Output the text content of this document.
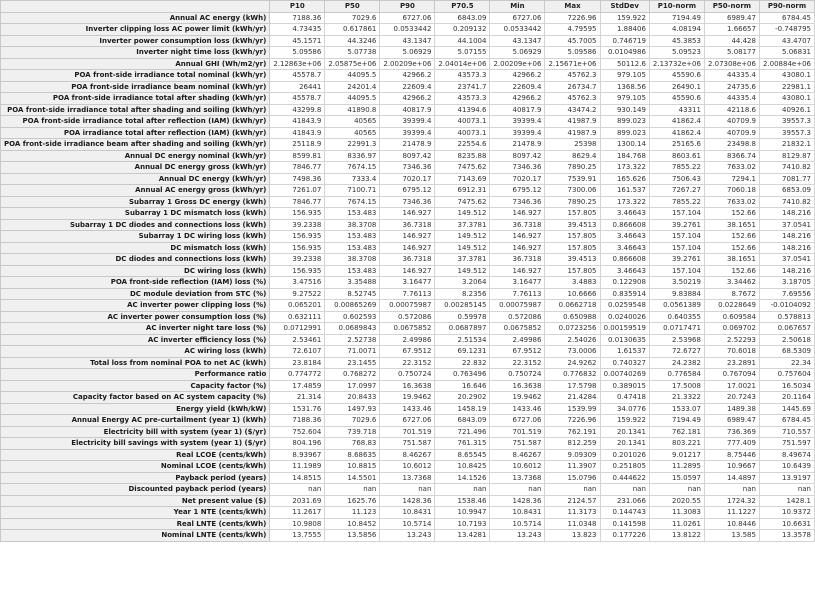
	P10	P50	P90	P70.5	Min	Max	StdDev	P10-norm	P50-norm	P90-norm
Annual AC energy (kWh)	7188.36	7029.6	6727.06	6843.09	6727.06	7226.96	159.922	7194.49	6989.47	6784.45
Inverter clipping loss AC power limit (kWh/yr)	4.73435	0.617861	0.0533442	0.209132	0.0533442	4.79595	1.88406	4.08194	1.66657	-0.748795
Inverter power consumption loss (kWh/yr)	45.1571	44.3246	43.1347	44.1004	43.1347	45.7005	0.746719	45.3853	44.428	43.4707
Inverter night time loss (kWh/yr)	5.09586	5.07738	5.06929	5.07155	5.06929	5.09586	0.0104986	5.09523	5.08177	5.06831
Annual GHI (Wh/m2/yr)	2.12863e+06	2.05875e+06	2.00209e+06	2.04014e+06	2.00209e+06	2.15671e+06	50112.6	2.13732e+06	2.07308e+06	2.00884e+06
POA front-side irradiance total nominal (kWh/yr)	45578.7	44095.5	42966.2	43573.3	42966.2	45762.3	979.105	45590.6	44335.4	43080.1
POA front-side irradiance beam nominal (kWh/yr)	26441	24201.4	22609.4	23741.7	22609.4	26734.7	1368.56	26490.1	24735.6	22981.1
POA front-side irradiance total after shading (kWh/yr)	45578.7	44095.5	42966.2	43573.3	42966.2	45762.3	979.105	45590.6	44335.4	43080.1
POA front-side irradiance total after shading and soiling (kWh/yr)	43299.8	41890.8	40817.9	41394.6	40817.9	43474.2	930.149	43311	42118.6	40926.1
POA front-side irradiance total after reflection (IAM) (kWh/yr)	41843.9	40565	39399.4	40073.1	39399.4	41987.9	899.023	41862.4	40709.9	39557.3
POA irradiance total after reflection (IAM) (kWh/yr)	41843.9	40565	39399.4	40073.1	39399.4	41987.9	899.023	41862.4	40709.9	39557.3
POA front-side irradiance beam after shading and soiling (kWh/yr)	25118.9	22991.3	21478.9	22554.6	21478.9	25398	1300.14	25165.6	23498.8	21832.1
Annual DC energy nominal (kWh/yr)	8599.81	8336.97	8097.42	8235.88	8097.42	8629.4	184.768	8603.61	8366.74	8129.87
Annual DC energy gross (kWh/yr)	7846.77	7674.15	7346.36	7475.62	7346.36	7890.25	173.322	7855.22	7633.02	7410.82
Annual DC energy (kWh/yr)	7498.36	7333.4	7020.17	7143.69	7020.17	7539.91	165.626	7506.43	7294.1	7081.77
Annual AC energy gross (kWh/yr)	7261.07	7100.71	6795.12	6912.31	6795.12	7300.06	161.537	7267.27	7060.18	6853.09
Subarray 1 Gross DC energy (kWh)	7846.77	7674.15	7346.36	7475.62	7346.36	7890.25	173.322	7855.22	7633.02	7410.82
Subarray 1 DC mismatch loss (kWh)	156.935	153.483	146.927	149.512	146.927	157.805	3.46643	157.104	152.66	148.216
Subarray 1 DC diodes and connections loss (kWh)	39.2338	38.3708	36.7318	37.3781	36.7318	39.4513	0.866608	39.2761	38.1651	37.0541
Subarray 1 DC wiring loss (kWh)	156.935	153.483	146.927	149.512	146.927	157.805	3.46643	157.104	152.66	148.216
DC mismatch loss (kWh)	156.935	153.483	146.927	149.512	146.927	157.805	3.46643	157.104	152.66	148.216
DC diodes and connections loss (kWh)	39.2338	38.3708	36.7318	37.3781	36.7318	39.4513	0.866608	39.2761	38.1651	37.0541
DC wiring loss (kWh)	156.935	153.483	146.927	149.512	146.927	157.805	3.46643	157.104	152.66	148.216
POA front-side reflection (IAM) loss (%)	3.47516	3.35488	3.16477	3.2064	3.16477	3.4883	0.122908	3.50219	3.34462	3.18705
DC module deviation from STC (%)	9.27522	8.52745	7.76113	8.2356	7.76113	10.6666	0.835914	9.83884	8.7672	7.69556
AC inverter power clipping loss (%)	0.065201	0.00865269	0.00075987	0.00285145	0.00075987	0.0662718	0.0259548	0.0561389	0.0228649	-0.0104092
AC inverter power consumption loss (%)	0.632111	0.602593	0.572086	0.59978	0.572086	0.650988	0.0240026	0.640355	0.609584	0.578813
AC inverter night tare loss (%)	0.0712991	0.0689843	0.0675852	0.0687897	0.0675852	0.0723256	0.00159519	0.0717471	0.069702	0.067657
AC inverter efficiency loss (%)	2.53461	2.52738	2.49986	2.51534	2.49986	2.54026	0.0130635	2.53968	2.52293	2.50618
AC wiring loss (kWh)	72.6107	71.0071	67.9512	69.1231	67.9512	73.0006	1.61537	72.6727	70.6018	68.5309
Total loss from nominal POA to net AC (kWh)	23.8184	23.1455	22.3152	22.832	22.3152	24.9262	0.740327	24.2382	23.2891	22.34
Performance ratio	0.774772	0.768272	0.750724	0.763496	0.750724	0.776832	0.00740269	0.776584	0.767094	0.757604
Capacity factor (%)	17.4859	17.0997	16.3638	16.646	16.3638	17.5798	0.389015	17.5008	17.0021	16.5034
Capacity factor based on AC system capacity (%)	21.314	20.8433	19.9462	20.2902	19.9462	21.4284	0.47418	21.3322	20.7243	20.1164
Energy yield (kWh/kW)	1531.76	1497.93	1433.46	1458.19	1433.46	1539.99	34.0776	1533.07	1489.38	1445.69
Annual Energy AC pre-curtailment (year 1) (kWh)	7188.36	7029.6	6727.06	6843.09	6727.06	7226.96	159.922	7194.49	6989.47	6784.45
Electricity bill with system (year 1) ($/yr)	752.604	739.718	701.519	721.496	701.519	762.191	20.1341	762.181	736.369	710.557
Electricity bill savings with system (year 1) ($/yr)	804.196	768.83	751.587	761.315	751.587	812.259	20.1341	803.221	777.409	751.597
Real LCOE (cents/kWh)	8.93967	8.68635	8.46267	8.65545	8.46267	9.09309	0.201026	9.01217	8.75446	8.49674
Nominal LCOE (cents/kWh)	11.1989	10.8815	10.6012	10.8425	10.6012	11.3907	0.251805	11.2895	10.9667	10.6439
Payback period (years)	14.8515	14.5501	13.7368	14.1526	13.7368	15.0796	0.444622	15.0597	14.4897	13.9197
Discounted payback period (years)	nan	nan	nan	nan	nan	nan	nan	nan	nan	nan
Net present value ($)	2031.69	1625.76	1428.36	1538.46	1428.36	2124.57	231.066	2020.55	1724.32	1428.1
Year 1 NTE (cents/kWh)	11.2617	11.123	10.8431	10.9947	10.8431	11.3173	0.144743	11.3083	11.1227	10.9372
Real LNTE (cents/kWh)	10.9808	10.8452	10.5714	10.7193	10.5714	11.0348	0.141598	11.0261	10.8446	10.6631
Nominal LNTE (cents/kWh)	13.7555	13.5856	13.243	13.4281	13.243	13.823	0.177226	13.8122	13.585	13.3578
